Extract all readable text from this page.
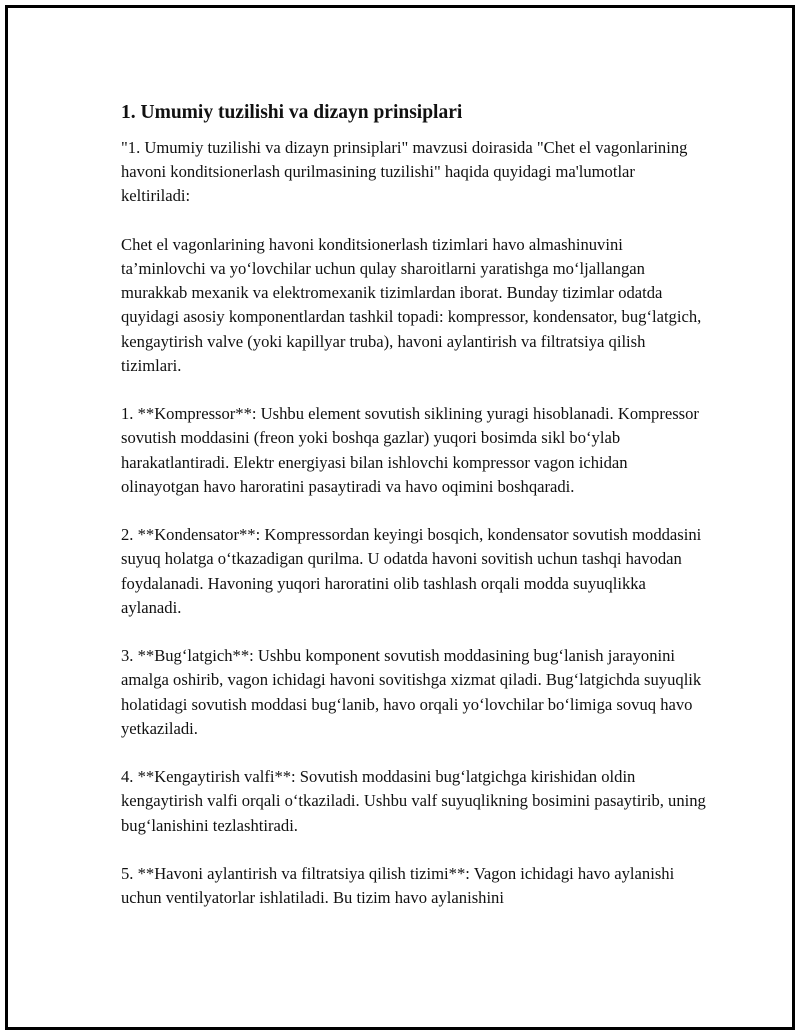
1. Umumiy tuzilishi va dizayn prinsiplari

"1. Umumiy tuzilishi va dizayn prinsiplari" mavzusi doirasida "Chet el vagonlarining havoni konditsionerlash qurilmasining tuzilishi" haqida quyidagi ma'lumotlar keltiriladi:

Chet el vagonlarining havoni konditsionerlash tizimlari havo almashinuvini ta’minlovchi va yo‘lovchilar uchun qulay sharoitlarni yaratishga mo‘ljallangan murakkab mexanik va elektromexanik tizimlardan iborat. Bunday tizimlar odatda quyidagi asosiy komponentlardan tashkil topadi: kompressor, kondensator, bug‘latgich, kengaytirish valve (yoki kapillyar truba), havoni aylantirish va filtratsiya qilish tizimlari.

1. **Kompressor**: Ushbu element sovutish siklining yuragi hisoblanadi. Kompressor sovutish moddasini (freon yoki boshqa gazlar) yuqori bosimda sikl bo‘ylab harakatlantiradi. Elektr energiyasi bilan ishlovchi kompressor vagon ichidan olinayotgan havo haroratini pasaytiradi va havo oqimini boshqaradi.

2. **Kondensator**: Kompressordan keyingi bosqich, kondensator sovutish moddasini suyuq holatga o‘tkazadigan qurilma. U odatda havoni sovitish uchun tashqi havodan foydalanadi. Havoning yuqori haroratini olib tashlash orqali modda suyuqlikka aylanadi.

3. **Bug‘latgich**: Ushbu komponent sovutish moddasining bug‘lanish jarayonini amalga oshirib, vagon ichidagi havoni sovitishga xizmat qiladi. Bug‘latgichda suyuqlik holatidagi sovutish moddasi bug‘lanib, havo orqali yo‘lovchilar bo‘limiga sovuq havo yetkaziladi.

4. **Kengaytirish valfi**: Sovutish moddasini bug‘latgichga kirishidan oldin kengaytirish valfi orqali o‘tkaziladi. Ushbu valf suyuqlikning bosimini pasaytirib, uning bug‘lanishini tezlashtiradi.

5. **Havoni aylantirish va filtratsiya qilish tizimi**: Vagon ichidagi havo aylanishi uchun ventilyatorlar ishlatiladi. Bu tizim havo aylanishini
